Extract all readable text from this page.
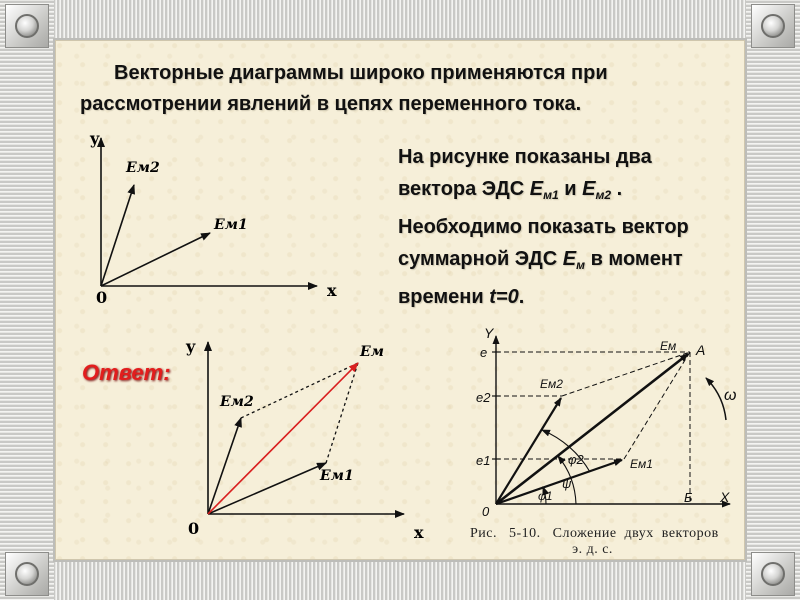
Векторные диаграммы широко применяются при
рассмотрении явлений в цепях переменного тока.
На рисунке показаны два
вектора ЭДС $E_{м1}$ и $E_{м2}$ .
Необходимо показать вектор
суммарной ЭДС $E_м$ в момент
времени t=0.
Ответ:
y
x
0
Eм2
Eм1
y
x
0
Eм
Eм2
Eм1
Y
e
e2
e1
0
A
Б X
Eм
Eм2
Eм1
φ2
ψ
φ1
ω
Рис.   5-10.   Сложение  двух  векторов
э. д. с.
